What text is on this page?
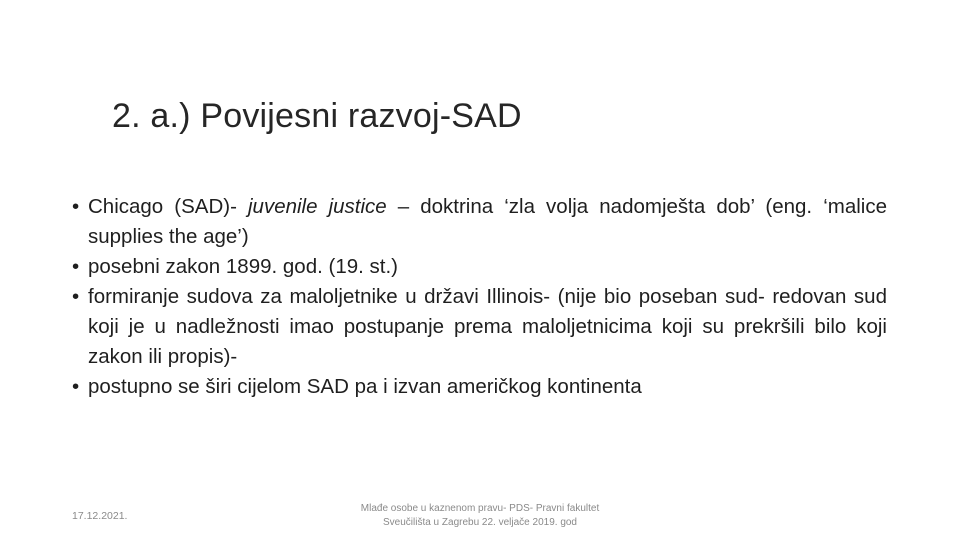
2. a.) Povijesni razvoj-SAD
• Chicago (SAD)- juvenile justice – doktrina ‘zla volja nadomješta dob’ (eng. ‘malice supplies the age’)
• posebni zakon 1899. god. (19. st.)
• formiranje sudova za maloljetnike u državi Illinois- (nije bio poseban sud- redovan sud koji je u nadležnosti imao postupanje prema maloljetnicima koji su prekršili bilo koji zakon ili propis)-
• postupno se širi cijelom SAD pa i izvan američkog kontinenta
17.12.2021.
Mlađe osobe u kaznenom pravu- PDS- Pravni fakultet
Sveučilišta u Zagrebu 22. veljače 2019. god
